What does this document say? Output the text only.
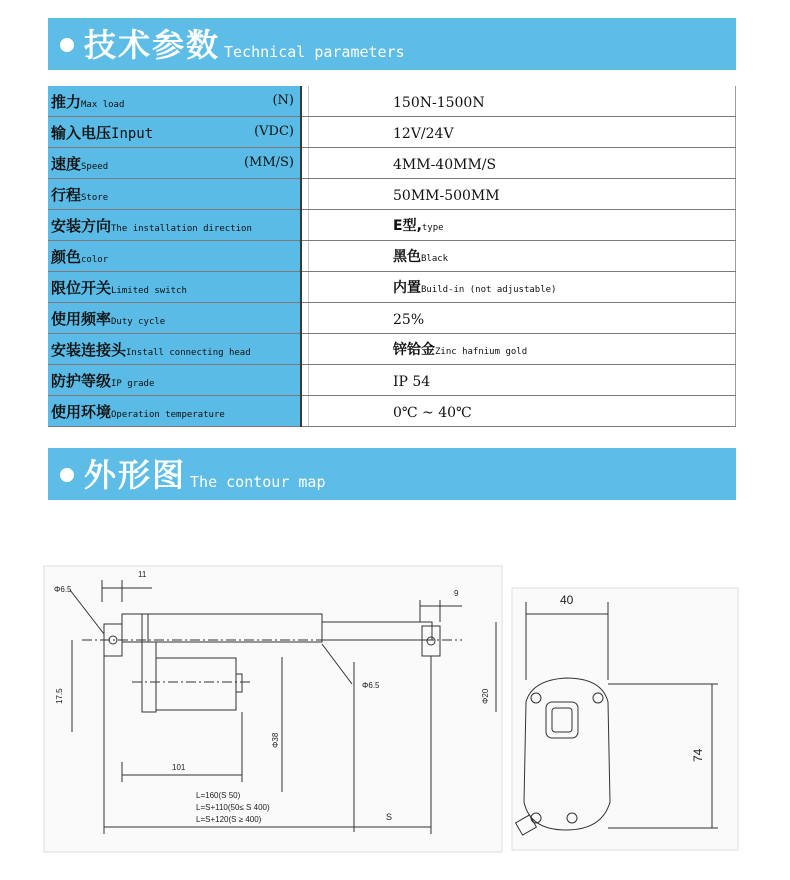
技术参数 Technical parameters
推力Max load (N)		150N-1500N
输入电压Input (VDC)		12V/24V
速度Speed (MM/S)		4MM-40MM/S
行程Store		50MM-500MM
安装方向The installation direction		E型,type
颜色color		黑色Black
限位开关Limited switch		内置Build-in (not adjustable)
使用频率Duty cycle		25%
安装连接头Install connecting head		锌铪金Zinc hafnium gold
防护等级IP grade		IP 54
使用环境Operation temperature		0℃ ~ 40℃
外形图 The contour map
Φ6.5
11
9
Φ6.5
17.5	Φ20
Φ38
101
L=160(S 50)
L=S+110(50≤ S 400)
L=S+120(S ≥ 400)	S
40
74
